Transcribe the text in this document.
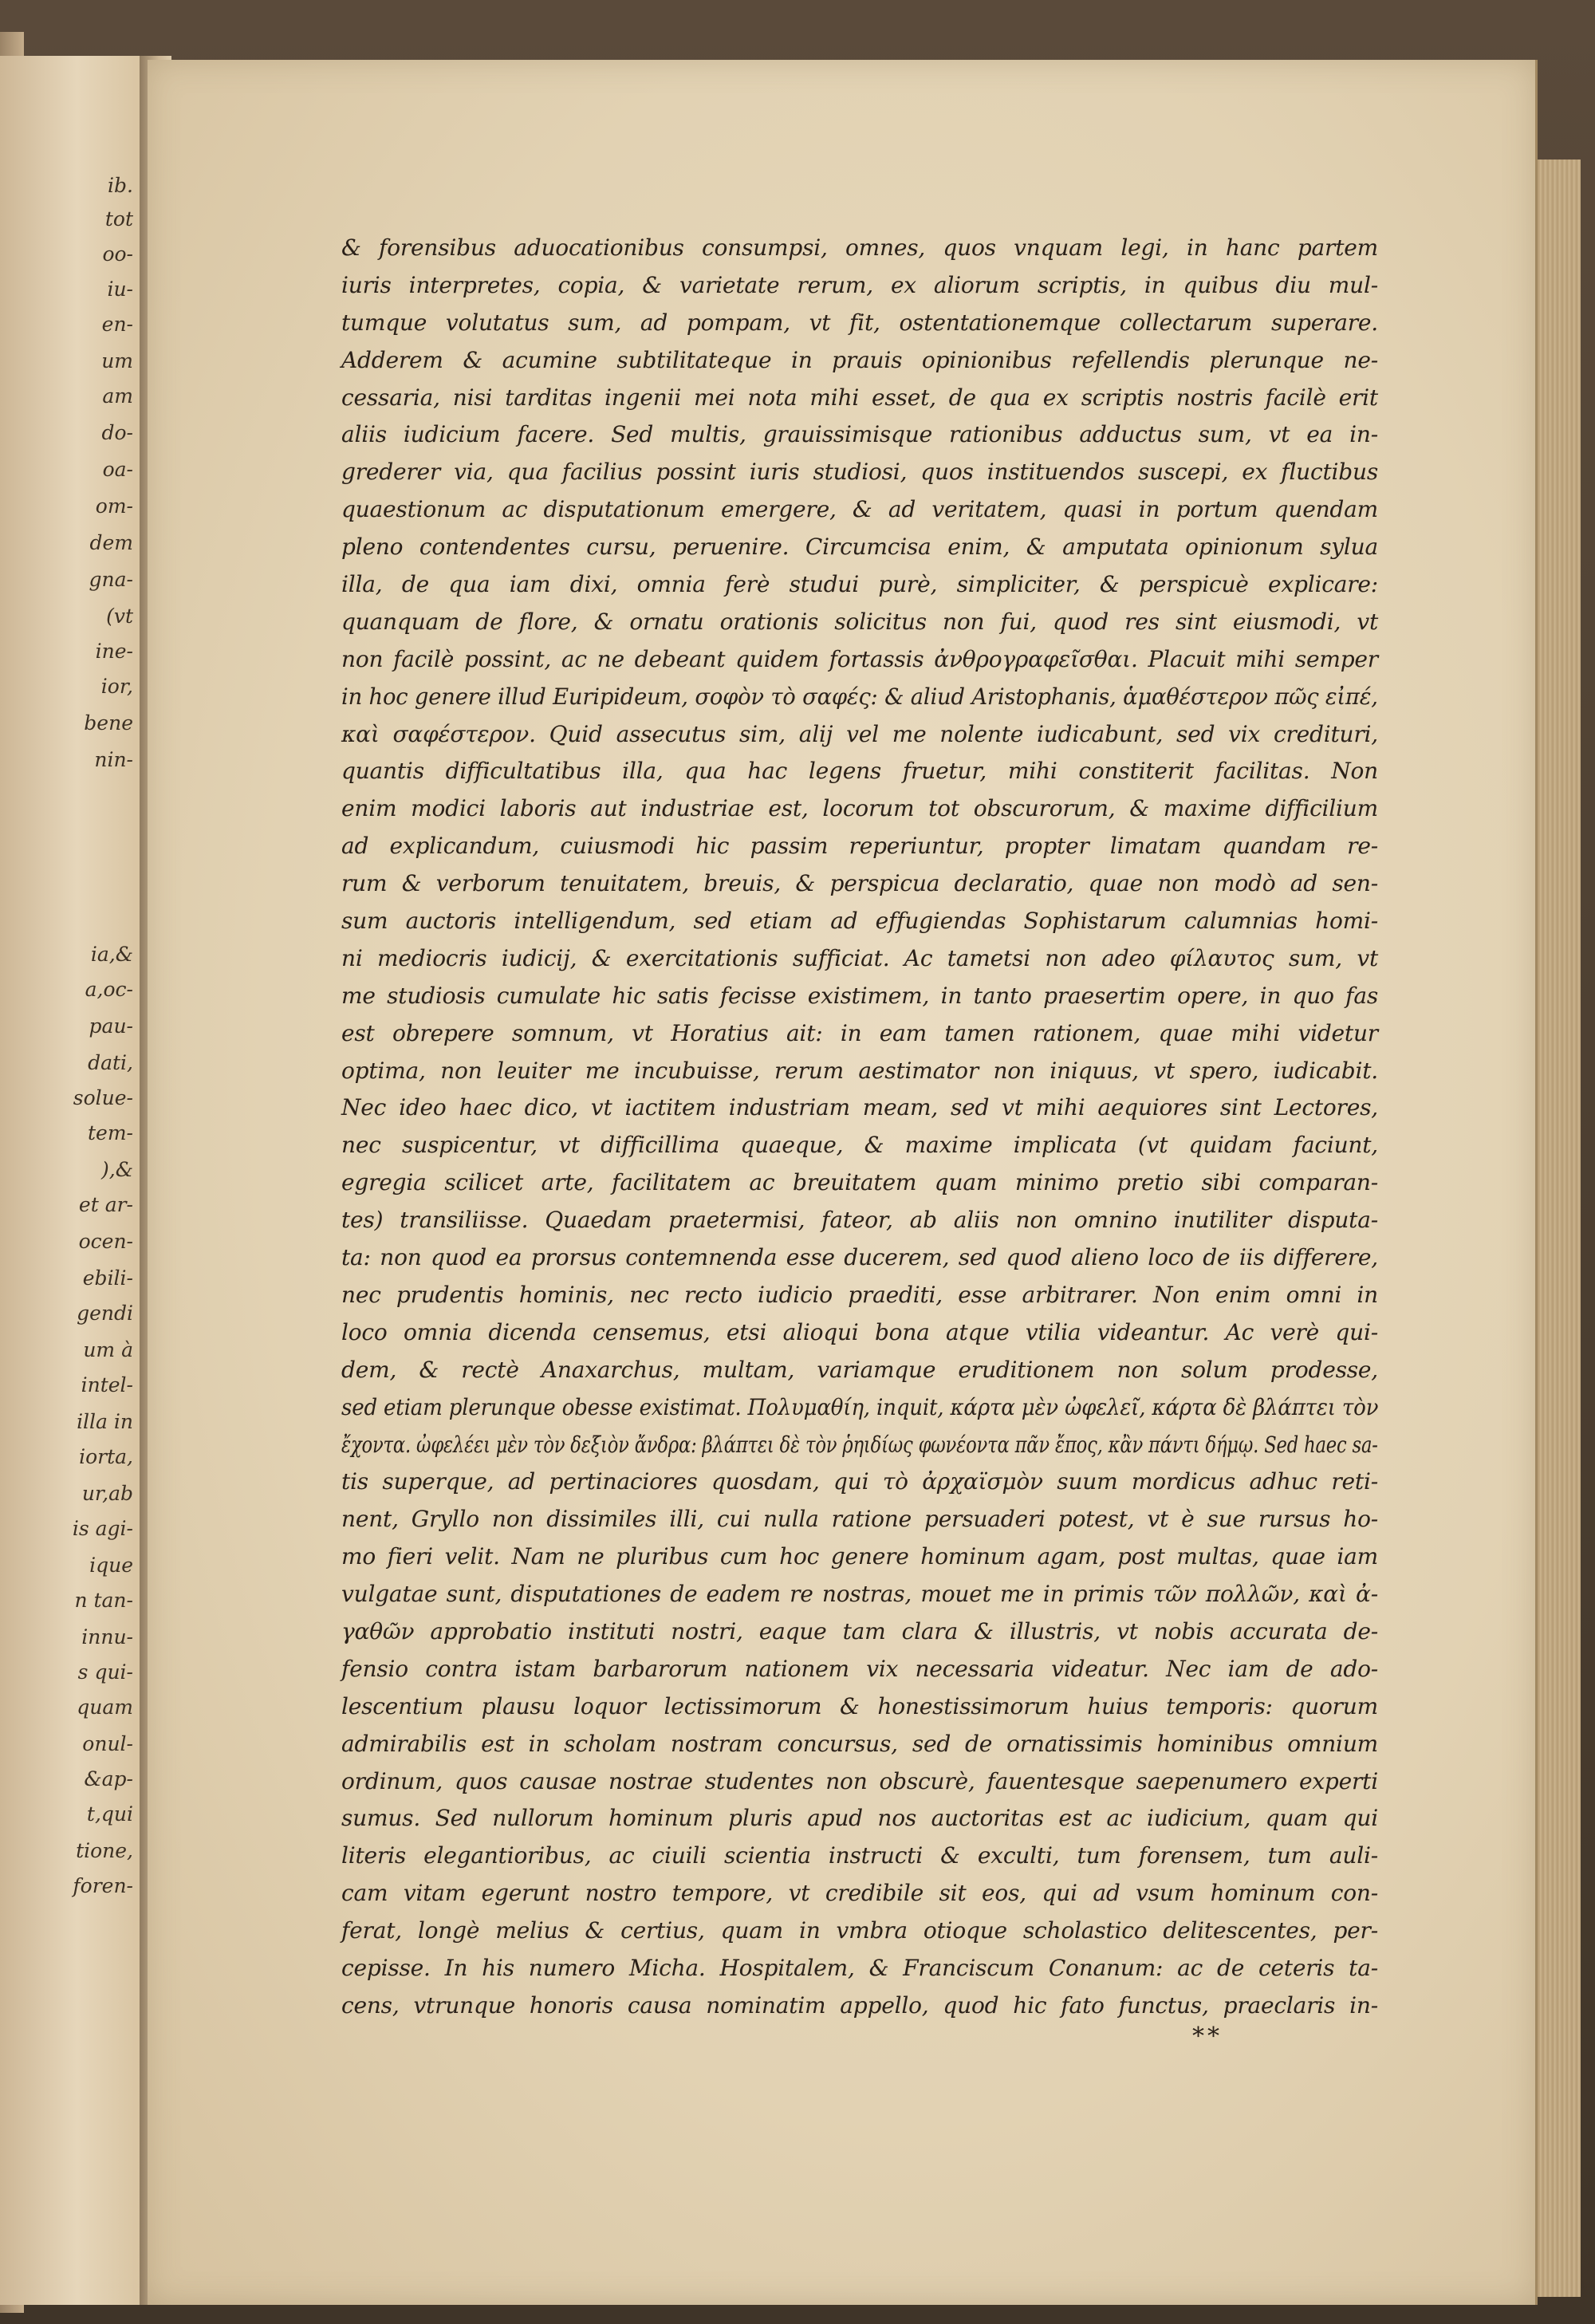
ib.
tot
oo-
iu-
en-
um
am
do-
oa-
om-
dem
gna-
(vt
ine-
ior,
bene
nin-
ia,&
a,oc-
pau-
dati,
solue-
tem-
),&
et ar-
ocen-
ebili-
gendi
um à
intel-
illa in
iorta,
ur,ab
is agi-
ique
n tan-
innu-
s qui-
quam
onul-
&ap-
t,qui
tione,
foren-
& forensibus aduocationibus consumpsi, omnes, quos vnquam legi, in hanc partem
iuris interpretes, copia, & varietate rerum, ex aliorum scriptis, in quibus diu mul-
tumque volutatus sum, ad pompam, vt fit, ostentationemque collectarum superare.
Adderem & acumine subtilitateque in prauis opinionibus refellendis plerunque ne-
cessaria, nisi tarditas ingenii mei nota mihi esset, de qua ex scriptis nostris facilè erit
aliis iudicium facere. Sed multis, grauissimisque rationibus adductus sum, vt ea in-
grederer via, qua facilius possint iuris studiosi, quos instituendos suscepi, ex fluctibus
quaestionum ac disputationum emergere, & ad veritatem, quasi in portum quendam
pleno contendentes cursu, peruenire. Circumcisa enim, & amputata opinionum sylua
illa, de qua iam dixi, omnia ferè studui purè, simpliciter, & perspicuè explicare:
quanquam de flore, & ornatu orationis solicitus non fui, quod res sint eiusmodi, vt
non facilè possint, ac ne debeant quidem fortassis ἀνθρογραφεῖσθαι. Placuit mihi semper
in hoc genere illud Euripideum, σοφὸν τὸ σαφές: & aliud Aristophanis, ἁμαθέστερον πῶς εἰπέ,
καὶ σαφέστερον. Quid assecutus sim, alij vel me nolente iudicabunt, sed vix credituri,
quantis difficultatibus illa, qua hac legens fruetur, mihi constiterit facilitas. Non
enim modici laboris aut industriae est, locorum tot obscurorum, & maxime difficilium
ad explicandum, cuiusmodi hic passim reperiuntur, propter limatam quandam re-
rum & verborum tenuitatem, breuis, & perspicua declaratio, quae non modò ad sen-
sum auctoris intelligendum, sed etiam ad effugiendas Sophistarum calumnias homi-
ni mediocris iudicij, & exercitationis sufficiat. Ac tametsi non adeo φίλαυτος sum, vt
me studiosis cumulate hic satis fecisse existimem, in tanto praesertim opere, in quo fas
est obrepere somnum, vt Horatius ait: in eam tamen rationem, quae mihi videtur
optima, non leuiter me incubuisse, rerum aestimator non iniquus, vt spero, iudicabit.
Nec ideo haec dico, vt iactitem industriam meam, sed vt mihi aequiores sint Lectores,
nec suspicentur, vt difficillima quaeque, & maxime implicata (vt quidam faciunt,
egregia scilicet arte, facilitatem ac breuitatem quam minimo pretio sibi comparan-
tes) transiliisse. Quaedam praetermisi, fateor, ab aliis non omnino inutiliter disputa-
ta: non quod ea prorsus contemnenda esse ducerem, sed quod alieno loco de iis differere,
nec prudentis hominis, nec recto iudicio praediti, esse arbitrarer. Non enim omni in
loco omnia dicenda censemus, etsi alioqui bona atque vtilia videantur. Ac verè qui-
dem, & rectè Anaxarchus, multam, variamque eruditionem non solum prodesse,
sed etiam plerunque obesse existimat. Πολυμαθίη, inquit, κάρτα μὲν ὠφελεῖ, κάρτα δὲ βλάπτει τὸν
ἔχοντα. ὠφελέει μὲν τὸν δεξιὸν ἄνδρα: βλάπτει δὲ τὸν ῥηιδίως φωνέοντα πᾶν ἔπος, κἂν πάντι δήμῳ. Sed haec sa-
tis superque, ad pertinaciores quosdam, qui τὸ ἀρχαϊσμὸν suum mordicus adhuc reti-
nent, Gryllo non dissimiles illi, cui nulla ratione persuaderi potest, vt è sue rursus ho-
mo fieri velit. Nam ne pluribus cum hoc genere hominum agam, post multas, quae iam
vulgatae sunt, disputationes de eadem re nostras, mouet me in primis τῶν πολλῶν, καὶ ἀ-
γαθῶν approbatio instituti nostri, eaque tam clara & illustris, vt nobis accurata de-
fensio contra istam barbarorum nationem vix necessaria videatur. Nec iam de ado-
lescentium plausu loquor lectissimorum & honestissimorum huius temporis: quorum
admirabilis est in scholam nostram concursus, sed de ornatissimis hominibus omnium
ordinum, quos causae nostrae studentes non obscurè, fauentesque saepenumero experti
sumus. Sed nullorum hominum pluris apud nos auctoritas est ac iudicium, quam qui
literis elegantioribus, ac ciuili scientia instructi & exculti, tum forensem, tum auli-
cam vitam egerunt nostro tempore, vt credibile sit eos, qui ad vsum hominum con-
ferat, longè melius & certius, quam in vmbra otioque scholastico delitescentes, per-
cepisse. In his numero Micha. Hospitalem, & Franciscum Conanum: ac de ceteris ta-
cens, vtrunque honoris causa nominatim appello, quod hic fato functus, praeclaris in-
**
